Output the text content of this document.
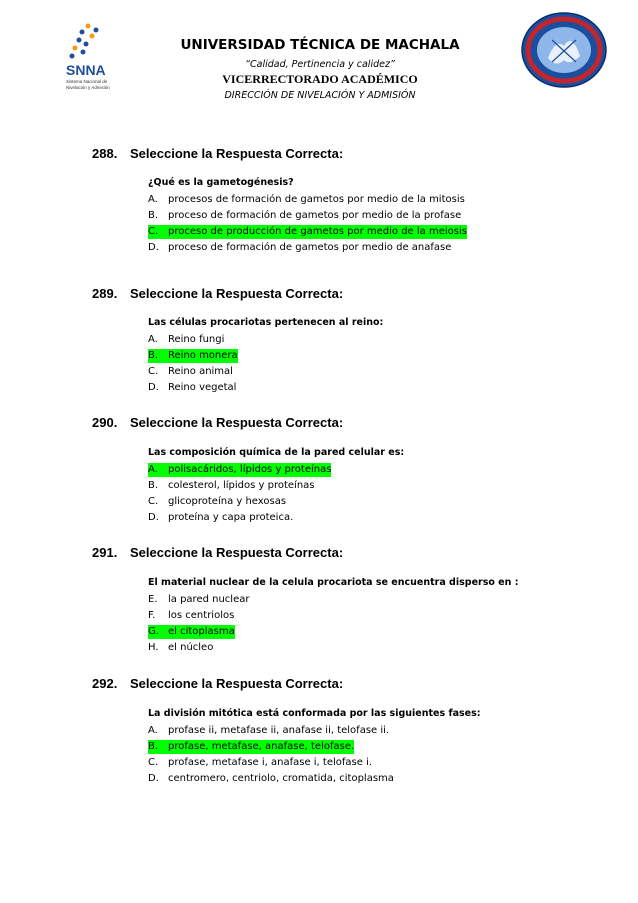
SNNA
Sistema Nacional de
Nivelación y Admisión
UNIVERSIDAD TÉCNICA DE MACHALA
“Calidad, Pertinencia y calidez”
VICERRECTORADO ACADÉMICO
DIRECCIÓN DE NIVELACIÓN Y ADMISIÓN
288. Seleccione la Respuesta Correcta:
¿Qué es la gametogénesis?
A. procesos de formación de gametos por medio de la mitosis
B. proceso de formación de gametos por medio de la profase
C. proceso de producción de gametos por medio de la meiosis
D. proceso de formación de gametos por medio de anafase
289. Seleccione la Respuesta Correcta:
Las células procariotas pertenecen al reino:
A. Reino fungi
B. Reino monera
C. Reino animal
D. Reino vegetal
290. Seleccione la Respuesta Correcta:
Las composición química de la pared celular es:
A. polisacáridos, lípidos y proteínas
B. colesterol, lípidos y proteínas
C. glicoproteína y hexosas
D. proteína y capa proteica.
291. Seleccione la Respuesta Correcta:
El material nuclear de la celula procariota se encuentra disperso en :
E. la pared nuclear
F. los centriolos
G. el citoplasma
H. el núcleo
292. Seleccione la Respuesta Correcta:
La división mitótica está conformada por las siguientes fases:
A. profase ii, metafase ii, anafase ii, telofase ii.
B. profase, metafase, anafase, telofase.
C. profase, metafase i, anafase i, telofase i.
D. centromero, centriolo, cromatida, citoplasma
